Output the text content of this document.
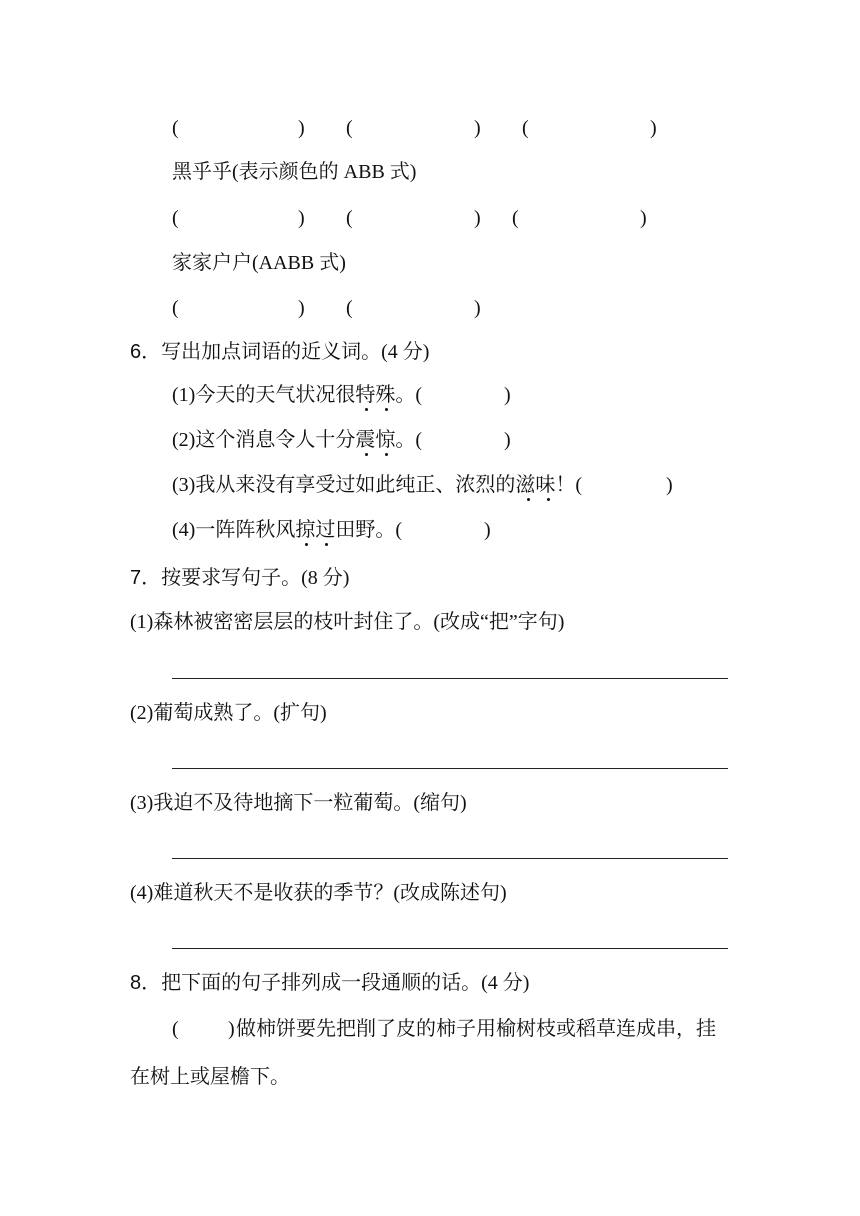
(	) (	) (	)
黑乎乎(表示颜色的 ABB 式)
(	) (	) (	)
家家户户(AABB 式)
(	) (	)
6．写出加点词语的近义词。(4 分)
(1)今天的天气状况很特殊。(	)
(2)这个消息令人十分震惊。(	)
(3)我从来没有享受过如此纯正、浓烈的滋味！(	)
(4)一阵阵秋风掠过田野。(	)
7．按要求写句子。(8 分)
(1)森林被密密层层的枝叶封住了。(改成“把”字句)
(2)葡萄成熟了。(扩句)
(3)我迫不及待地摘下一粒葡萄。(缩句)
(4)难道秋天不是收获的季节？(改成陈述句)
8．把下面的句子排列成一段通顺的话。(4 分)
( ) 做柿饼要先把削了皮的柿子用榆树枝或稻草连成串，挂
在树上或屋檐下。
